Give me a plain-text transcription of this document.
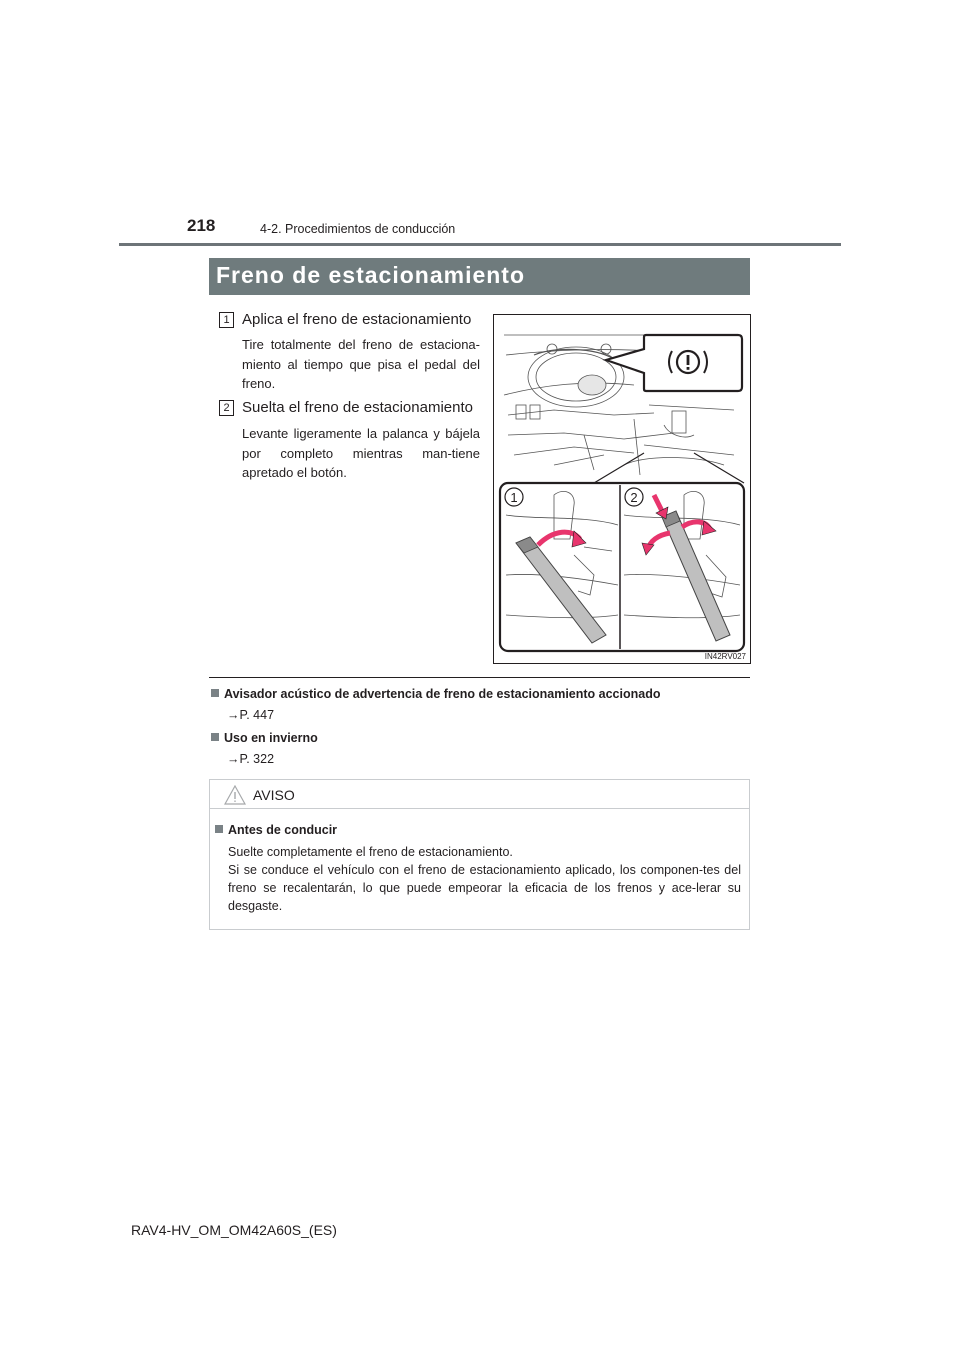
218	4-2. Procedimientos de conducción
Freno de estacionamiento
1 Aplica el freno de estacionamiento
Tire totalmente del freno de estaciona-miento al tiempo que pisa el pedal del freno.
2 Suelta el freno de estacionamiento
Levante ligeramente la palanca y bájela por completo mientras man-tiene apretado el botón.
1	2
IN42RV027
Avisador acústico de advertencia de freno de estacionamiento accionado
→P. 447
Uso en invierno
→P. 322
AVISO
Antes de conducir
Suelte completamente el freno de estacionamiento.
Si se conduce el vehículo con el freno de estacionamiento aplicado, los componen-tes del freno se recalentarán, lo que puede empeorar la eficacia de los frenos y ace-lerar su desgaste.
RAV4-HV_OM_OM42A60S_(ES)
